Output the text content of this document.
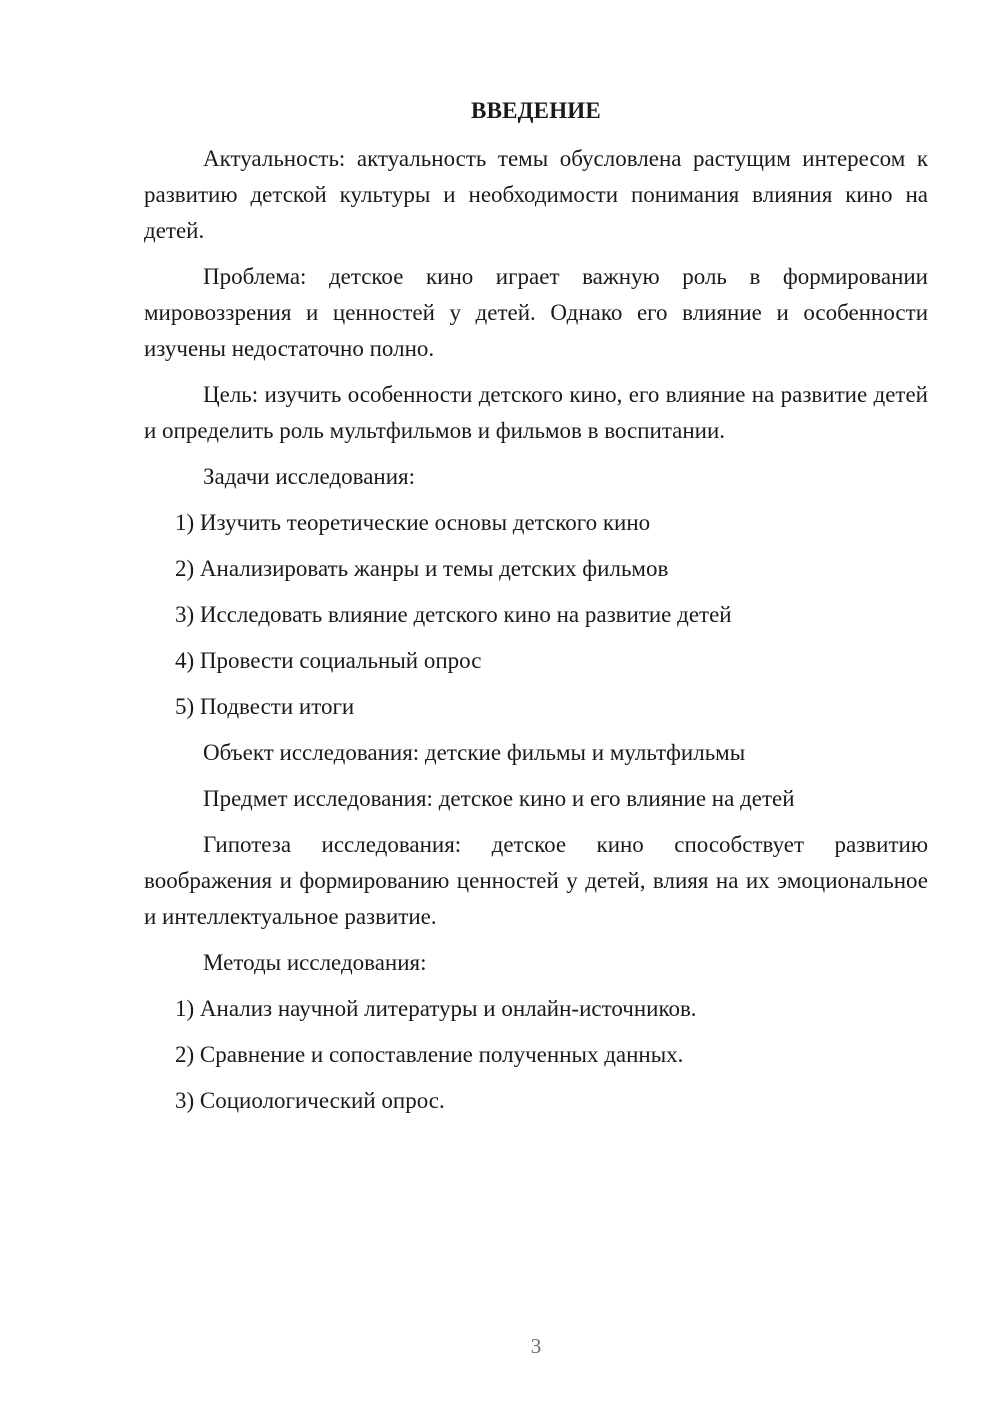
ВВЕДЕНИЕ

Актуальность: актуальность темы обусловлена растущим интересом к развитию детской культуры и необходимости понимания влияния кино на детей.

Проблема: детское кино играет важную роль в формировании мировоззрения и ценностей у детей. Однако его влияние и особенности изучены недостаточно полно.

Цель: изучить особенности детского кино, его влияние на развитие детей и определить роль мультфильмов и фильмов в воспитании.

Задачи исследования:

1) Изучить теоретические основы детского кино

2) Анализировать жанры и темы детских фильмов

3) Исследовать влияние детского кино на развитие детей

4) Провести социальный опрос

5) Подвести итоги

Объект исследования: детские фильмы и мультфильмы

Предмет исследования: детское кино и его влияние на детей

Гипотеза исследования: детское кино способствует развитию воображения и формированию ценностей у детей, влияя на их эмоциональное и интеллектуальное развитие.

Методы исследования:

1) Анализ научной литературы и онлайн-источников.

2) Сравнение и сопоставление полученных данных.

3) Социологический опрос.

3
